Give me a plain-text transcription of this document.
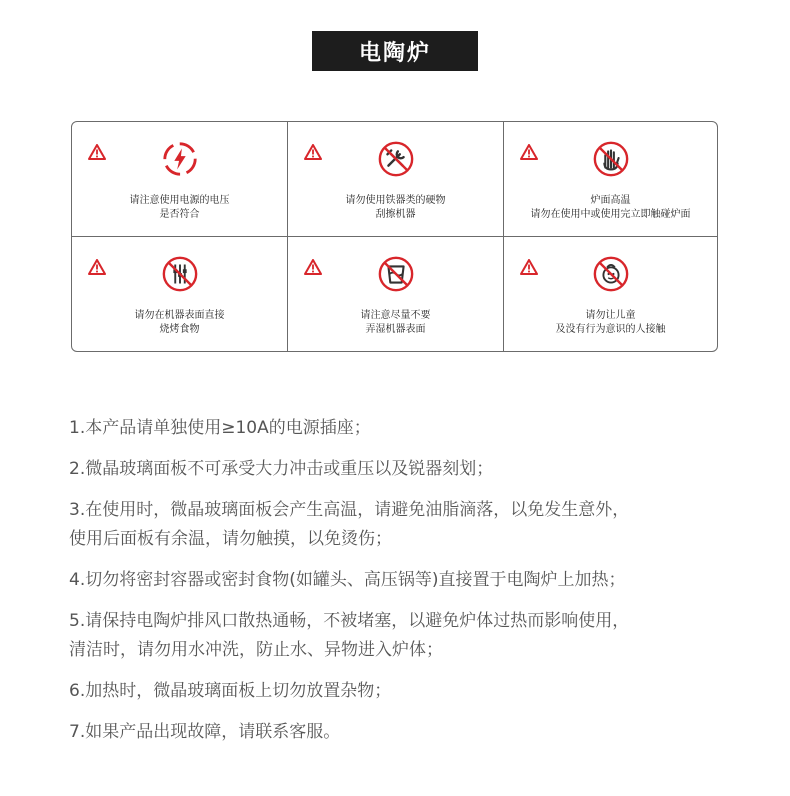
电陶炉
请注意使用电源的电压
是否符合
请勿使用铁器类的硬物
刮擦机器
炉面高温
请勿在使用中或使用完立即触碰炉面
请勿在机器表面直接
烧烤食物
请注意尽量不要
弄湿机器表面
请勿让儿童
及没有行为意识的人接触
1.本产品请单独使用≥10A的电源插座；
2.微晶玻璃面板不可承受大力冲击或重压以及锐器刻划；
3.在使用时，微晶玻璃面板会产生高温，请避免油脂滴落，以免发生意外，
使用后面板有余温，请勿触摸，以免烫伤；
4.切勿将密封容器或密封食物(如罐头、高压锅等)直接置于电陶炉上加热；
5.请保持电陶炉排风口散热通畅，不被堵塞，以避免炉体过热而影响使用，
清洁时，请勿用水冲洗，防止水、异物进入炉体；
6.加热时，微晶玻璃面板上切勿放置杂物；
7.如果产品出现故障，请联系客服。
